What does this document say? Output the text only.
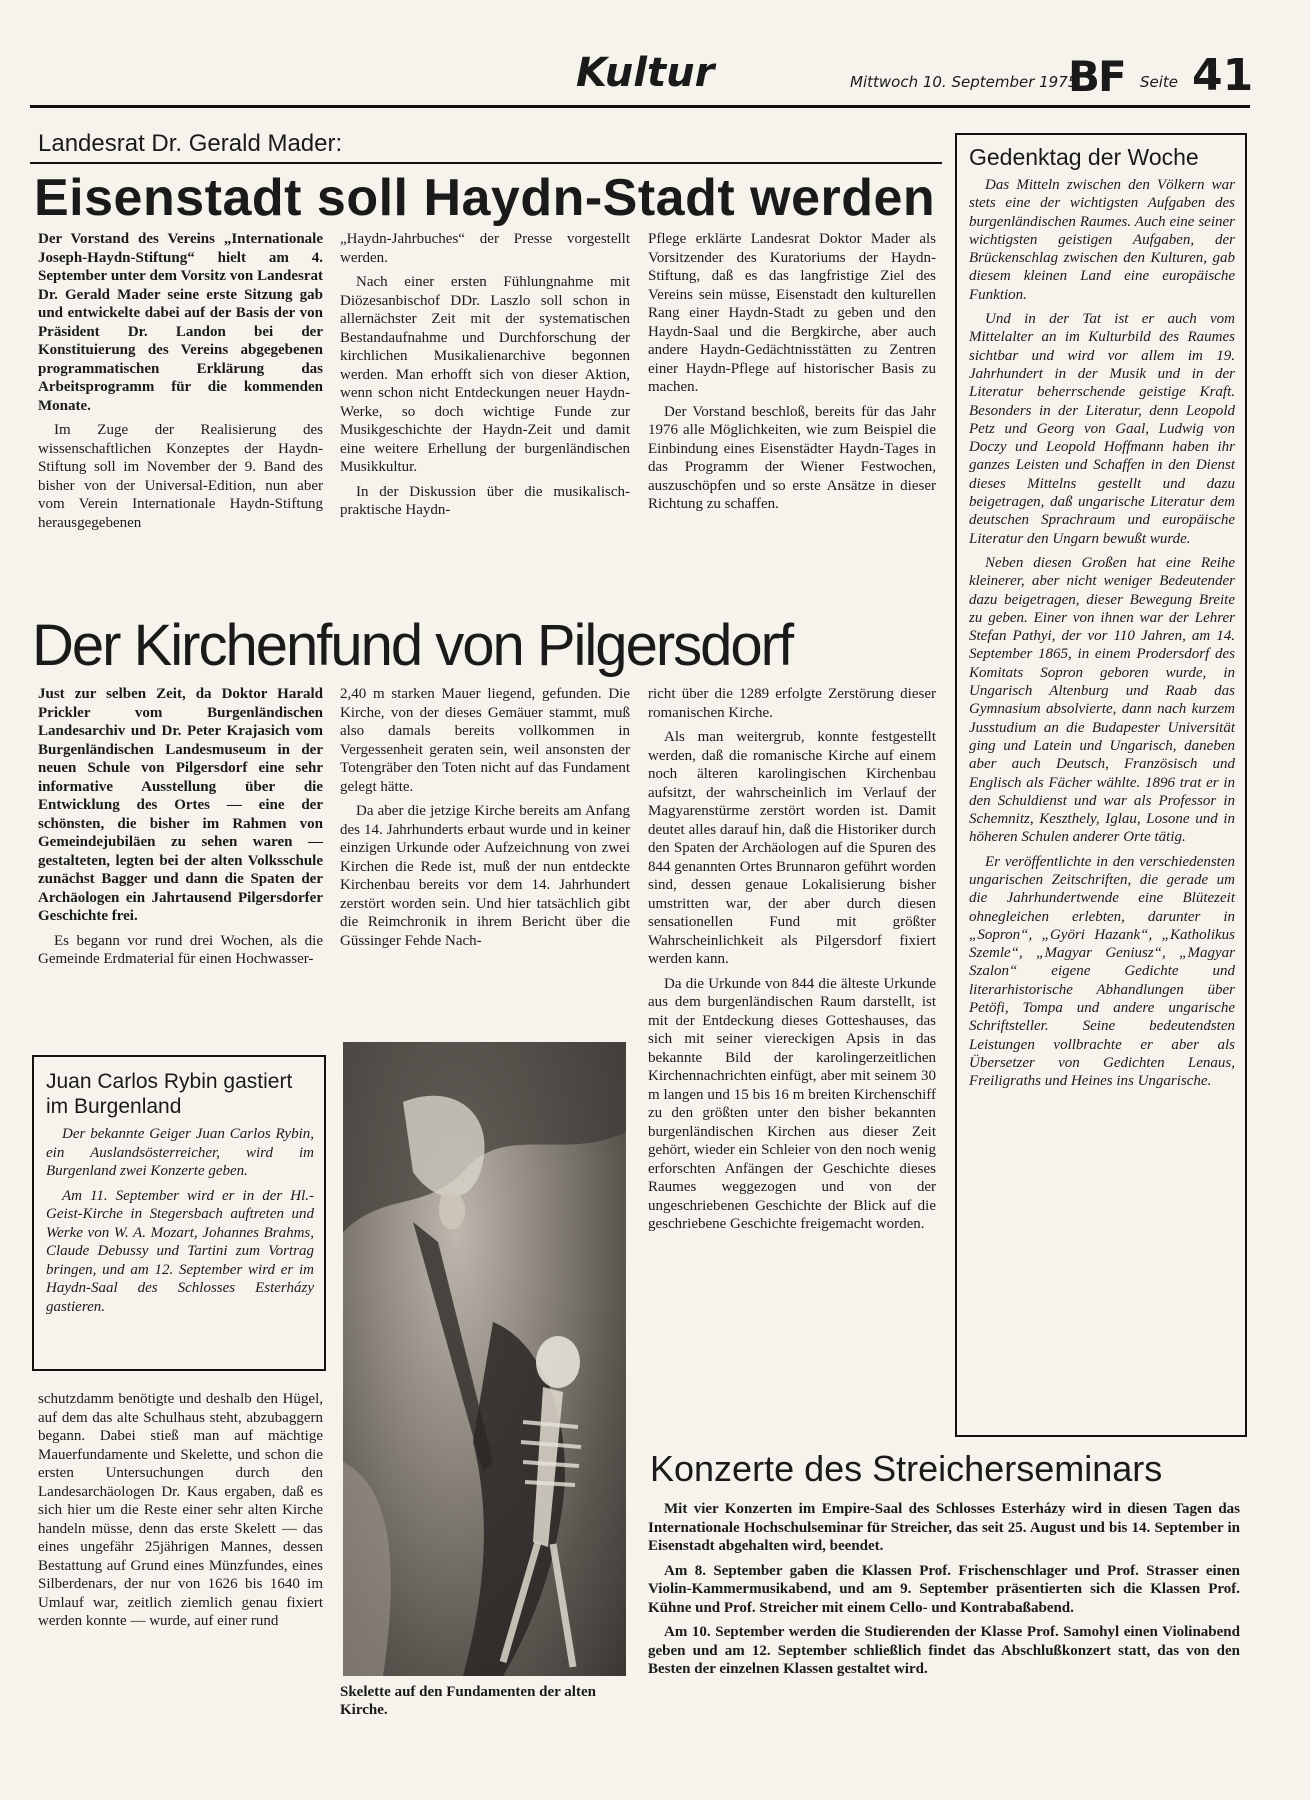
Kultur	Mittwoch 10. September 1975
BF Seite 41
Landesrat Dr. Gerald Mader:
Eisenstadt soll Haydn-Stadt werden

Der Vorstand des Vereins „Internationale Joseph-Haydn-Stiftung“ hielt am 4. September unter dem Vorsitz von Landesrat Dr. Gerald Mader seine erste Sitzung gab und entwickelte dabei auf der Basis der von Präsident Dr. Landon bei der Konstituierung des Vereins abgegebenen programmatischen Erklärung das Arbeitsprogramm für die kommenden Monate.

Im Zuge der Realisierung des wissenschaftlichen Konzeptes der Haydn-Stiftung soll im November der 9. Band des bisher von der Universal-Edition, nun aber vom Verein Internationale Haydn-Stiftung herausgegebenen

„Haydn-Jahrbuches“ der Presse vorgestellt werden.

Nach einer ersten Fühlungnahme mit Diözesanbischof DDr. Laszlo soll schon in allernächster Zeit mit der systematischen Bestandaufnahme und Durchforschung der kirchlichen Musikalienarchive begonnen werden. Man erhofft sich von dieser Aktion, wenn schon nicht Entdeckungen neuer Haydn-Werke, so doch wichtige Funde zur Musikgeschichte der Haydn-Zeit und damit eine weitere Erhellung der burgenländischen Musikkultur.

In der Diskussion über die musikalisch-praktische Haydn-

Pflege erklärte Landesrat Doktor Mader als Vorsitzender des Kuratoriums der Haydn-Stiftung, daß es das langfristige Ziel des Vereins sein müsse, Eisenstadt den kulturellen Rang einer Haydn-Stadt zu geben und den Haydn-Saal und die Bergkirche, aber auch andere Haydn-Gedächtnisstätten zu Zentren einer Haydn-Pflege auf historischer Basis zu machen.

Der Vorstand beschloß, bereits für das Jahr 1976 alle Möglichkeiten, wie zum Beispiel die Einbindung eines Eisenstädter Haydn-Tages in das Programm der Wiener Festwochen, auszuschöpfen und so erste Ansätze in dieser Richtung zu schaffen.

Gedenktag der Woche

Das Mitteln zwischen den Völkern war stets eine der wichtigsten Aufgaben des burgenländischen Raumes. Auch eine seiner wichtigsten geistigen Aufgaben, der Brückenschlag zwischen den Kulturen, gab diesem kleinen Land eine europäische Funktion.

Und in der Tat ist er auch vom Mittelalter an im Kulturbild des Raumes sichtbar und wird vor allem im 19. Jahrhundert in der Musik und in der Literatur beherrschende geistige Kraft. Besonders in der Literatur, denn Leopold Petz und Georg von Gaal, Ludwig von Doczy und Leopold Hoffmann haben ihr ganzes Leisten und Schaffen in den Dienst dieses Mittelns gestellt und dazu beigetragen, daß ungarische Literatur dem deutschen Sprachraum und europäische Literatur den Ungarn bewußt wurde.

Neben diesen Großen hat eine Reihe kleinerer, aber nicht weniger Bedeutender dazu beigetragen, dieser Bewegung Breite zu geben. Einer von ihnen war der Lehrer Stefan Pathyi, der vor 110 Jahren, am 14. September 1865, in einem Prodersdorf des Komitats Sopron geboren wurde, in Ungarisch Altenburg und Raab das Gymnasium absolvierte, dann nach kurzem Jusstudium an die Budapester Universität ging und Latein und Ungarisch, daneben aber auch Deutsch, Französisch und Englisch als Fächer wählte. 1896 trat er in den Schuldienst und war als Professor in Schemnitz, Keszthely, Iglau, Losone und in höheren Schulen anderer Orte tätig.

Er veröffentlichte in den verschiedensten ungarischen Zeitschriften, die gerade um die Jahrhundertwende eine Blütezeit ohnegleichen erlebten, darunter in „Sopron“, „Györi Hazank“, „Katholikus Szemle“, „Magyar Geniusz“, „Magyar Szalon“ eigene Gedichte und literarhistorische Abhandlungen über Petöfi, Tompa und andere ungarische Schriftsteller. Seine bedeutendsten Leistungen vollbrachte er aber als Übersetzer von Gedichten Lenaus, Freiligraths und Heines ins Ungarische.

Der Kirchenfund von Pilgersdorf

Just zur selben Zeit, da Doktor Harald Prickler vom Burgenländischen Landesarchiv und Dr. Peter Krajasich vom Burgenländischen Landesmuseum in der neuen Schule von Pilgersdorf eine sehr informative Ausstellung über die Entwicklung des Ortes — eine der schönsten, die bisher im Rahmen von Gemeindejubiläen zu sehen waren — gestalteten, legten bei der alten Volksschule zunächst Bagger und dann die Spaten der Archäologen ein Jahrtausend Pilgersdorfer Geschichte frei.

Es begann vor rund drei Wochen, als die Gemeinde Erdmaterial für einen Hochwasser-

Juan Carlos Rybin gastiert im Burgenland

Der bekannte Geiger Juan Carlos Rybin, ein Auslandsösterreicher, wird im Burgenland zwei Konzerte geben.

Am 11. September wird er in der Hl.-Geist-Kirche in Stegersbach auftreten und Werke von W. A. Mozart, Johannes Brahms, Claude Debussy und Tartini zum Vortrag bringen, und am 12. September wird er im Haydn-Saal des Schlosses Esterházy gastieren.

schutzdamm benötigte und deshalb den Hügel, auf dem das alte Schulhaus steht, abzubaggern begann. Dabei stieß man auf mächtige Mauerfundamente und Skelette, und schon die ersten Untersuchungen durch den Landesarchäologen Dr. Kaus ergaben, daß es sich hier um die Reste einer sehr alten Kirche handeln müsse, denn das erste Skelett — das eines ungefähr 25jährigen Mannes, dessen Bestattung auf Grund eines Münzfundes, eines Silberdenars, der nur von 1626 bis 1640 im Umlauf war, zeitlich ziemlich genau fixiert werden konnte — wurde, auf einer rund

2,40 m starken Mauer liegend, gefunden. Die Kirche, von der dieses Gemäuer stammt, muß also damals bereits vollkommen in Vergessenheit geraten sein, weil ansonsten der Totengräber den Toten nicht auf das Fundament gelegt hätte.

Da aber die jetzige Kirche bereits am Anfang des 14. Jahrhunderts erbaut wurde und in keiner einzigen Urkunde oder Aufzeichnung von zwei Kirchen die Rede ist, muß der nun entdeckte Kirchenbau bereits vor dem 14. Jahrhundert zerstört worden sein. Und hier tatsächlich gibt die Reimchronik in ihrem Bericht über die Güssinger Fehde Nach-

Skelette auf den Fundamenten der alten Kirche.

richt über die 1289 erfolgte Zerstörung dieser romanischen Kirche.

Als man weitergrub, konnte festgestellt werden, daß die romanische Kirche auf einem noch älteren karolingischen Kirchenbau aufsitzt, der wahrscheinlich im Verlauf der Magyarenstürme zerstört worden ist. Damit deutet alles darauf hin, daß die Historiker durch den Spaten der Archäologen auf die Spuren des 844 genannten Ortes Brunnaron geführt worden sind, dessen genaue Lokalisierung bisher umstritten war, der aber durch diesen sensationellen Fund mit größter Wahrscheinlichkeit als Pilgersdorf fixiert werden kann.

Da die Urkunde von 844 die älteste Urkunde aus dem burgenländischen Raum darstellt, ist mit der Entdeckung dieses Gotteshauses, das sich mit seiner viereckigen Apsis in das bekannte Bild der karolingerzeitlichen Kirchennachrichten einfügt, aber mit seinem 30 m langen und 15 bis 16 m breiten Kirchenschiff zu den größten unter den bisher bekannten burgenländischen Kirchen aus dieser Zeit gehört, wieder ein Schleier von den noch wenig erforschten Anfängen der Geschichte dieses Raumes weggezogen und von der ungeschriebenen Geschichte der Blick auf die geschriebene Geschichte freigemacht worden.

Konzerte des Streicherseminars

Mit vier Konzerten im Empire-Saal des Schlosses Esterházy wird in diesen Tagen das Internationale Hochschulseminar für Streicher, das seit 25. August und bis 14. September in Eisenstadt abgehalten wird, beendet.

Am 8. September gaben die Klassen Prof. Frischenschlager und Prof. Strasser einen Violin-Kammermusikabend, und am 9. September präsentierten sich die Klassen Prof. Kühne und Prof. Streicher mit einem Cello- und Kontrabaßabend.

Am 10. September werden die Studierenden der Klasse Prof. Samohyl einen Violinabend geben und am 12. September schließlich findet das Abschlußkonzert statt, das von den Besten der einzelnen Klassen gestaltet wird.
